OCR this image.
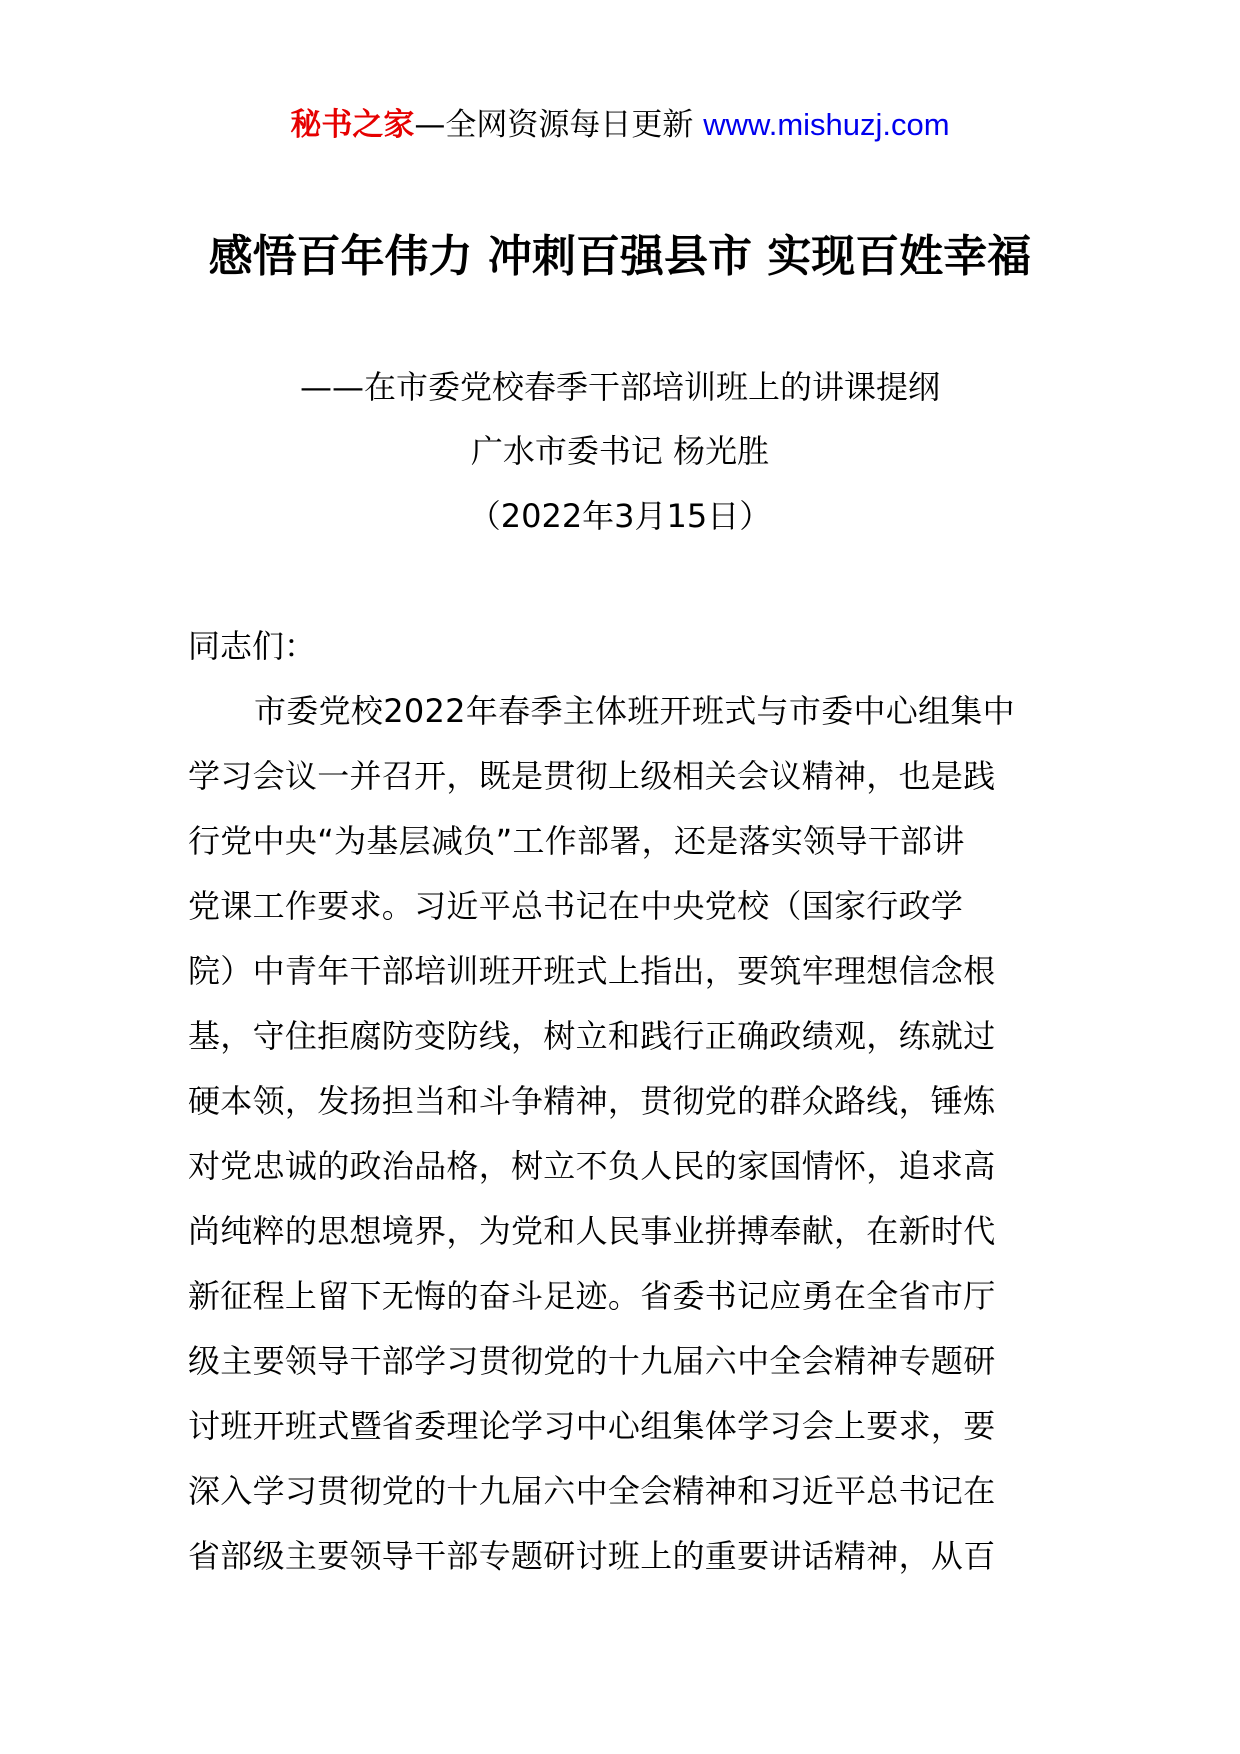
秘书之家—全网资源每日更新 www.mishuzj.com
感悟百年伟力 冲刺百强县市 实现百姓幸福
——在市委党校春季干部培训班上的讲课提纲
广水市委书记 杨光胜
（2022年3月15日）
同志们：
市委党校2022年春季主体班开班式与市委中心组集中
学习会议一并召开，既是贯彻上级相关会议精神，也是践
行党中央“为基层减负”工作部署，还是落实领导干部讲
党课工作要求。习近平总书记在中央党校（国家行政学
院）中青年干部培训班开班式上指出，要筑牢理想信念根
基，守住拒腐防变防线，树立和践行正确政绩观，练就过
硬本领，发扬担当和斗争精神，贯彻党的群众路线，锤炼
对党忠诚的政治品格，树立不负人民的家国情怀，追求高
尚纯粹的思想境界，为党和人民事业拼搏奉献，在新时代
新征程上留下无悔的奋斗足迹。省委书记应勇在全省市厅
级主要领导干部学习贯彻党的十九届六中全会精神专题研
讨班开班式暨省委理论学习中心组集体学习会上要求，要
深入学习贯彻党的十九届六中全会精神和习近平总书记在
省部级主要领导干部专题研讨班上的重要讲话精神，从百
